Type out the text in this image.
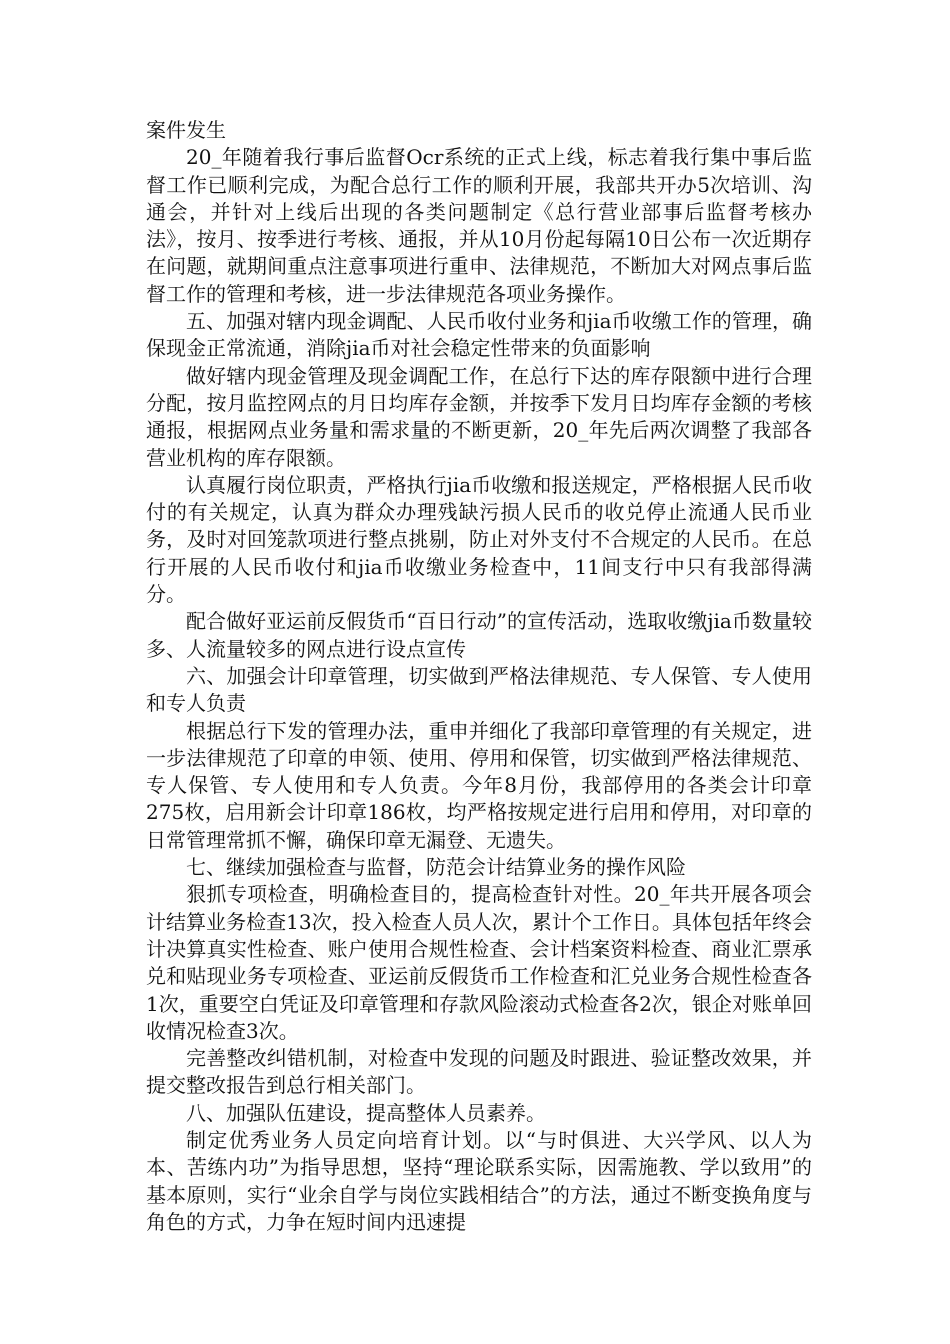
案件发生

20_年随着我行事后监督Ocr系统的正式上线，标志着我行集中事后监督工作已顺利完成，为配合总行工作的顺利开展，我部共开办5次培训、沟通会，并针对上线后出现的各类问题制定《总行营业部事后监督考核办法》，按月、按季进行考核、通报，并从10月份起每隔10日公布一次近期存在问题，就期间重点注意事项进行重申、法律规范，不断加大对网点事后监督工作的管理和考核，进一步法律规范各项业务操作。

五、加强对辖内现金调配、人民币收付业务和jia币收缴工作的管理，确保现金正常流通，消除jia币对社会稳定性带来的负面影响

做好辖内现金管理及现金调配工作，在总行下达的库存限额中进行合理分配，按月监控网点的月日均库存金额，并按季下发月日均库存金额的考核通报，根据网点业务量和需求量的不断更新，20_年先后两次调整了我部各营业机构的库存限额。

认真履行岗位职责，严格执行jia币收缴和报送规定，严格根据人民币收付的有关规定，认真为群众办理残缺污损人民币的收兑停止流通人民币业务，及时对回笼款项进行整点挑剔，防止对外支付不合规定的人民币。在总行开展的人民币收付和jia币收缴业务检查中，11间支行中只有我部得满分。

配合做好亚运前反假货币“百日行动”的宣传活动，选取收缴jia币数量较多、人流量较多的网点进行设点宣传

六、加强会计印章管理，切实做到严格法律规范、专人保管、专人使用和专人负责

根据总行下发的管理办法，重申并细化了我部印章管理的有关规定，进一步法律规范了印章的申领、使用、停用和保管，切实做到严格法律规范、专人保管、专人使用和专人负责。今年8月份，我部停用的各类会计印章275枚，启用新会计印章186枚，均严格按规定进行启用和停用，对印章的日常管理常抓不懈，确保印章无漏登、无遗失。

七、继续加强检查与监督，防范会计结算业务的操作风险

狠抓专项检查，明确检查目的，提高检查针对性。20_年共开展各项会计结算业务检查13次，投入检查人员人次，累计个工作日。具体包括年终会计决算真实性检查、账户使用合规性检查、会计档案资料检查、商业汇票承兑和贴现业务专项检查、亚运前反假货币工作检查和汇兑业务合规性检查各1次，重要空白凭证及印章管理和存款风险滚动式检查各2次，银企对账单回收情况检查3次。

完善整改纠错机制，对检查中发现的问题及时跟进、验证整改效果，并提交整改报告到总行相关部门。

八、加强队伍建设，提高整体人员素养。

制定优秀业务人员定向培育计划。以“与时俱进、大兴学风、以人为本、苦练内功”为指导思想，坚持“理论联系实际，因需施教、学以致用”的基本原则，实行“业余自学与岗位实践相结合”的方法，通过不断变换角度与角色的方式，力争在短时间内迅速提
